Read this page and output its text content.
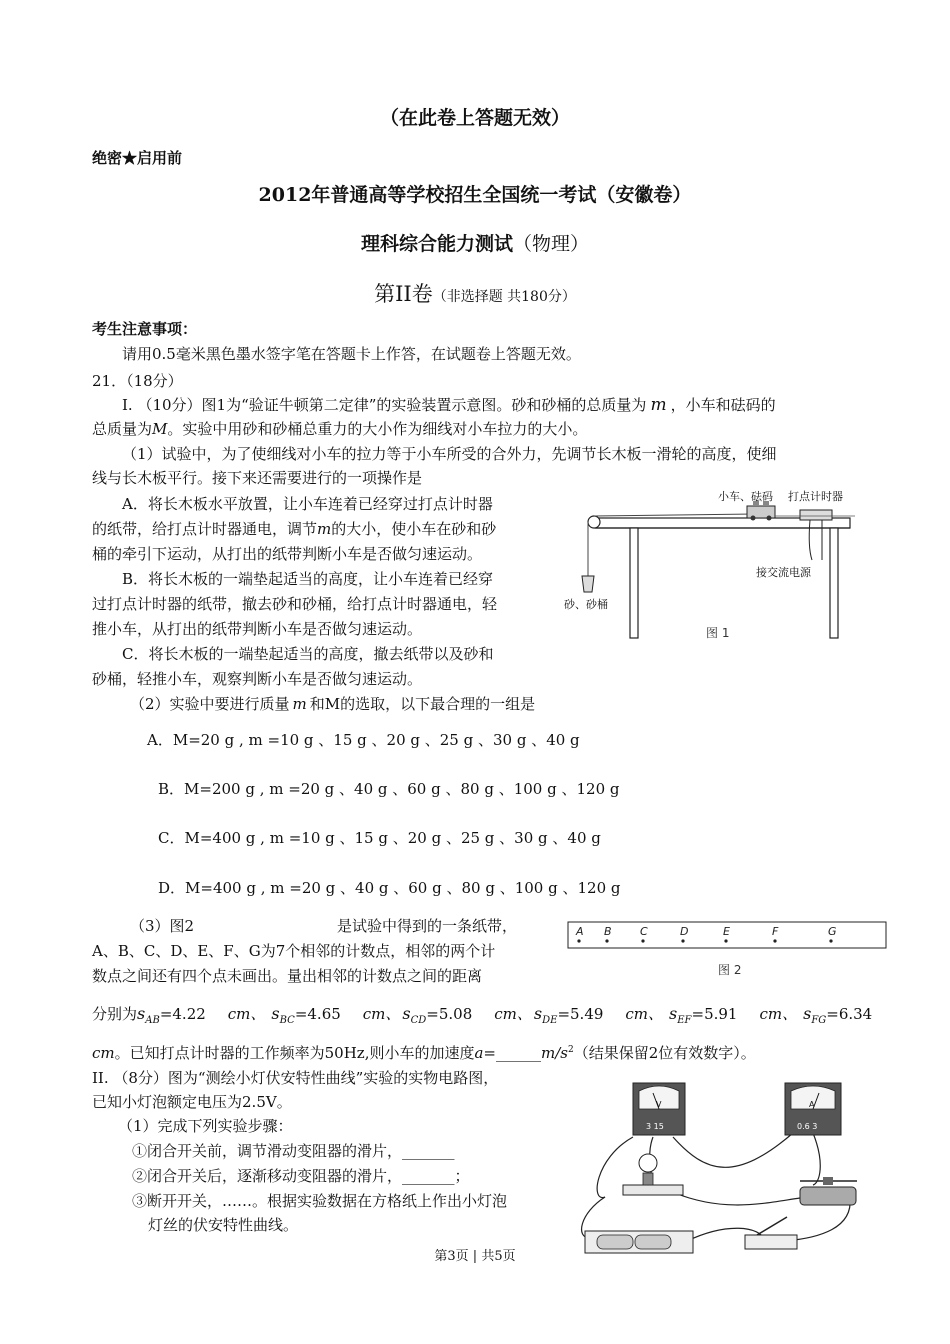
（在此卷上答题无效）
绝密★启用前
2012年普通高等学校招生全国统一考试（安徽卷）
理科综合能力测试（物理）
第II卷（非选择题 共180分）
考生注意事项：
请用0.5毫米黑色墨水签字笔在答题卡上作答，在试题卷上答题无效。
21．（18分）
I. （10分）图1为“验证牛顿第二定律”的实验装置示意图。砂和砂桶的总质量为 m ，小车和砝码的
总质量为M。实验中用砂和砂桶总重力的大小作为细线对小车拉力的大小。
（1）试验中，为了使细线对小车的拉力等于小车所受的合外力，先调节长木板一滑轮的高度，使细
线与长木板平行。接下来还需要进行的一项操作是
A．将长木板水平放置，让小车连着已经穿过打点计时器
的纸带，给打点计时器通电，调节m的大小，使小车在砂和砂
桶的牵引下运动，从打出的纸带判断小车是否做匀速运动。
B．将长木板的一端垫起适当的高度，让小车连着已经穿
过打点计时器的纸带，撤去砂和砂桶，给打点计时器通电，轻
推小车，从打出的纸带判断小车是否做匀速运动。
C．将长木板的一端垫起适当的高度，撤去纸带以及砂和
砂桶，轻推小车，观察判断小车是否做匀速运动。
（2）实验中要进行质量 m 和M的选取，以下最合理的一组是
A．M=20 g , m =10 g 、15 g 、20 g 、25 g 、30 g 、40 g
B．M=200 g , m =20 g 、40 g 、60 g 、80 g 、100 g 、120 g
C．M=400 g , m =10 g 、15 g 、20 g 、25 g 、30 g 、40 g
D．M=400 g , m =20 g 、40 g 、60 g 、80 g 、100 g 、120 g
（3）图2	是试验中得到的一条纸带，
A、B、C、D、E、F、G为7个相邻的计数点，相邻的两个计
数点之间还有四个点未画出。量出相邻的计数点之间的距离
分别为$s_{AB}=4.22$ cm、 $s_{BC}=4.65$ cm、 $s_{CD}=5.08$ cm、 $s_{DE}=5.49$ cm、 $s_{EF}=5.91$ cm、 $s_{FG}=6.34$
cm。已知打点计时器的工作频率为50Hz,则小车的加速度$a=\_\_\_\_\_\_m/s^2$（结果保留2位有效数字）。
II. （8分）图为“测绘小灯伏安特性曲线”实验的实物电路图，
已知小灯泡额定电压为2.5V。
（1）完成下列实验步骤：
①闭合开关前，调节滑动变阻器的滑片，_______
②闭合开关后，逐渐移动变阻器的滑片，_______；
③断开开关，……。根据实验数据在方格纸上作出小灯泡
灯丝的伏安特性曲线。
第3页 | 共5页
小车、砝码 打点计时器
接交流电源
砂、砂桶
图 1
A B	C	D	E	F	G
图 2
V
3 15
A
0.6 3
